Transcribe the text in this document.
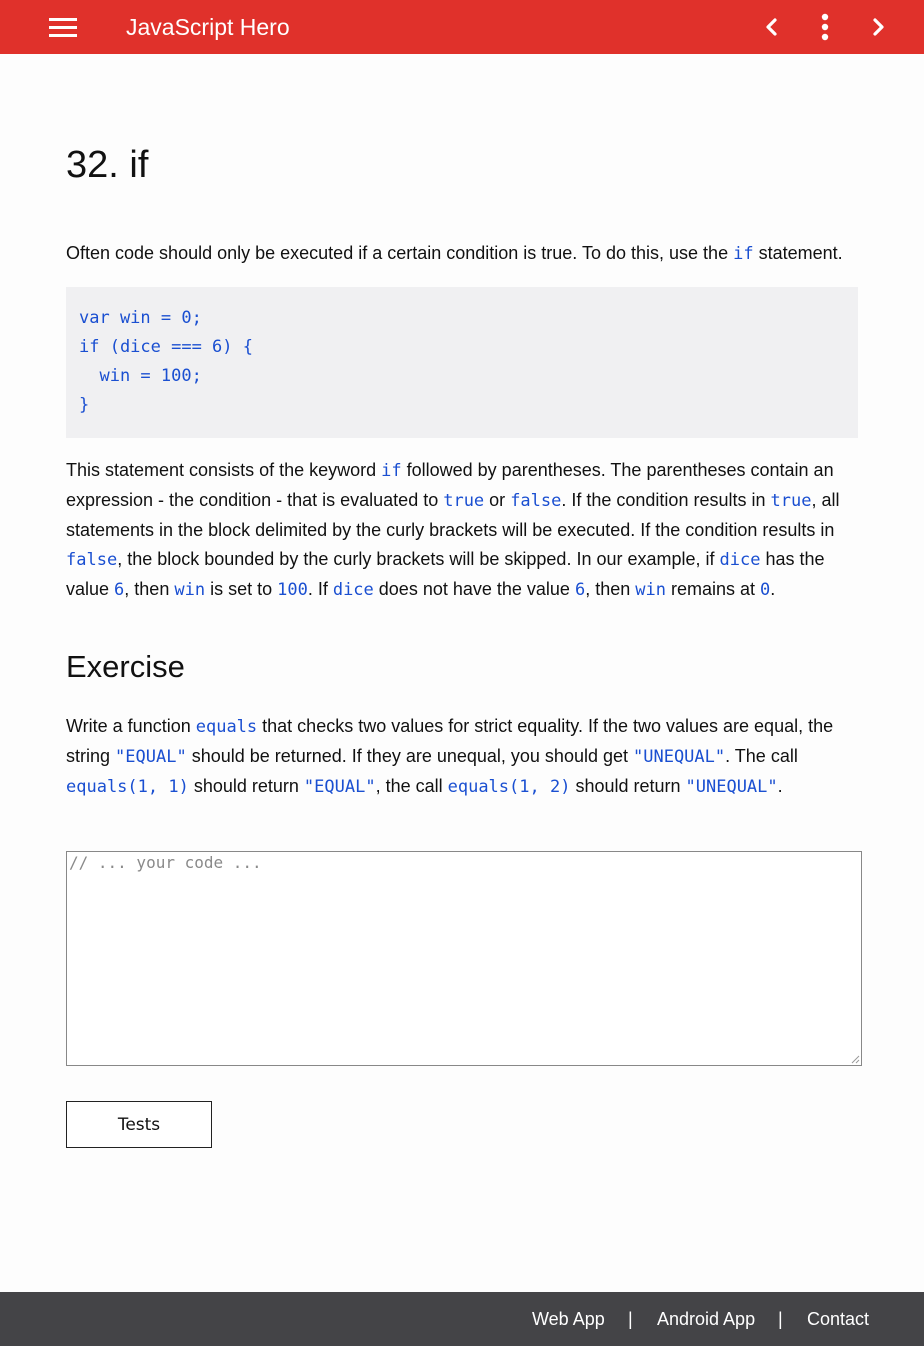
JavaScript Hero
32. if

Often code should only be executed if a certain condition is true. To do this, use the if statement.

var win = 0;
if (dice === 6) {
win = 100;
}

This statement consists of the keyword if followed by parentheses. The parentheses contain an expression - the condition - that is evaluated to true or false. If the condition results in true, all statements in the block delimited by the curly brackets will be executed. If the condition results in false, the block bounded by the curly brackets will be skipped. In our example, if dice has the value 6, then win is set to 100. If dice does not have the value 6, then win remains at 0.

Exercise

Write a function equals that checks two values for strict equality. If the two values are equal, the string "EQUAL" should be returned. If they are unequal, you should get "UNEQUAL". The call equals(1, 1) should return "EQUAL", the call equals(1, 2) should return "UNEQUAL".

// ... your code ...
Tests
Web App | Android App | Contact
